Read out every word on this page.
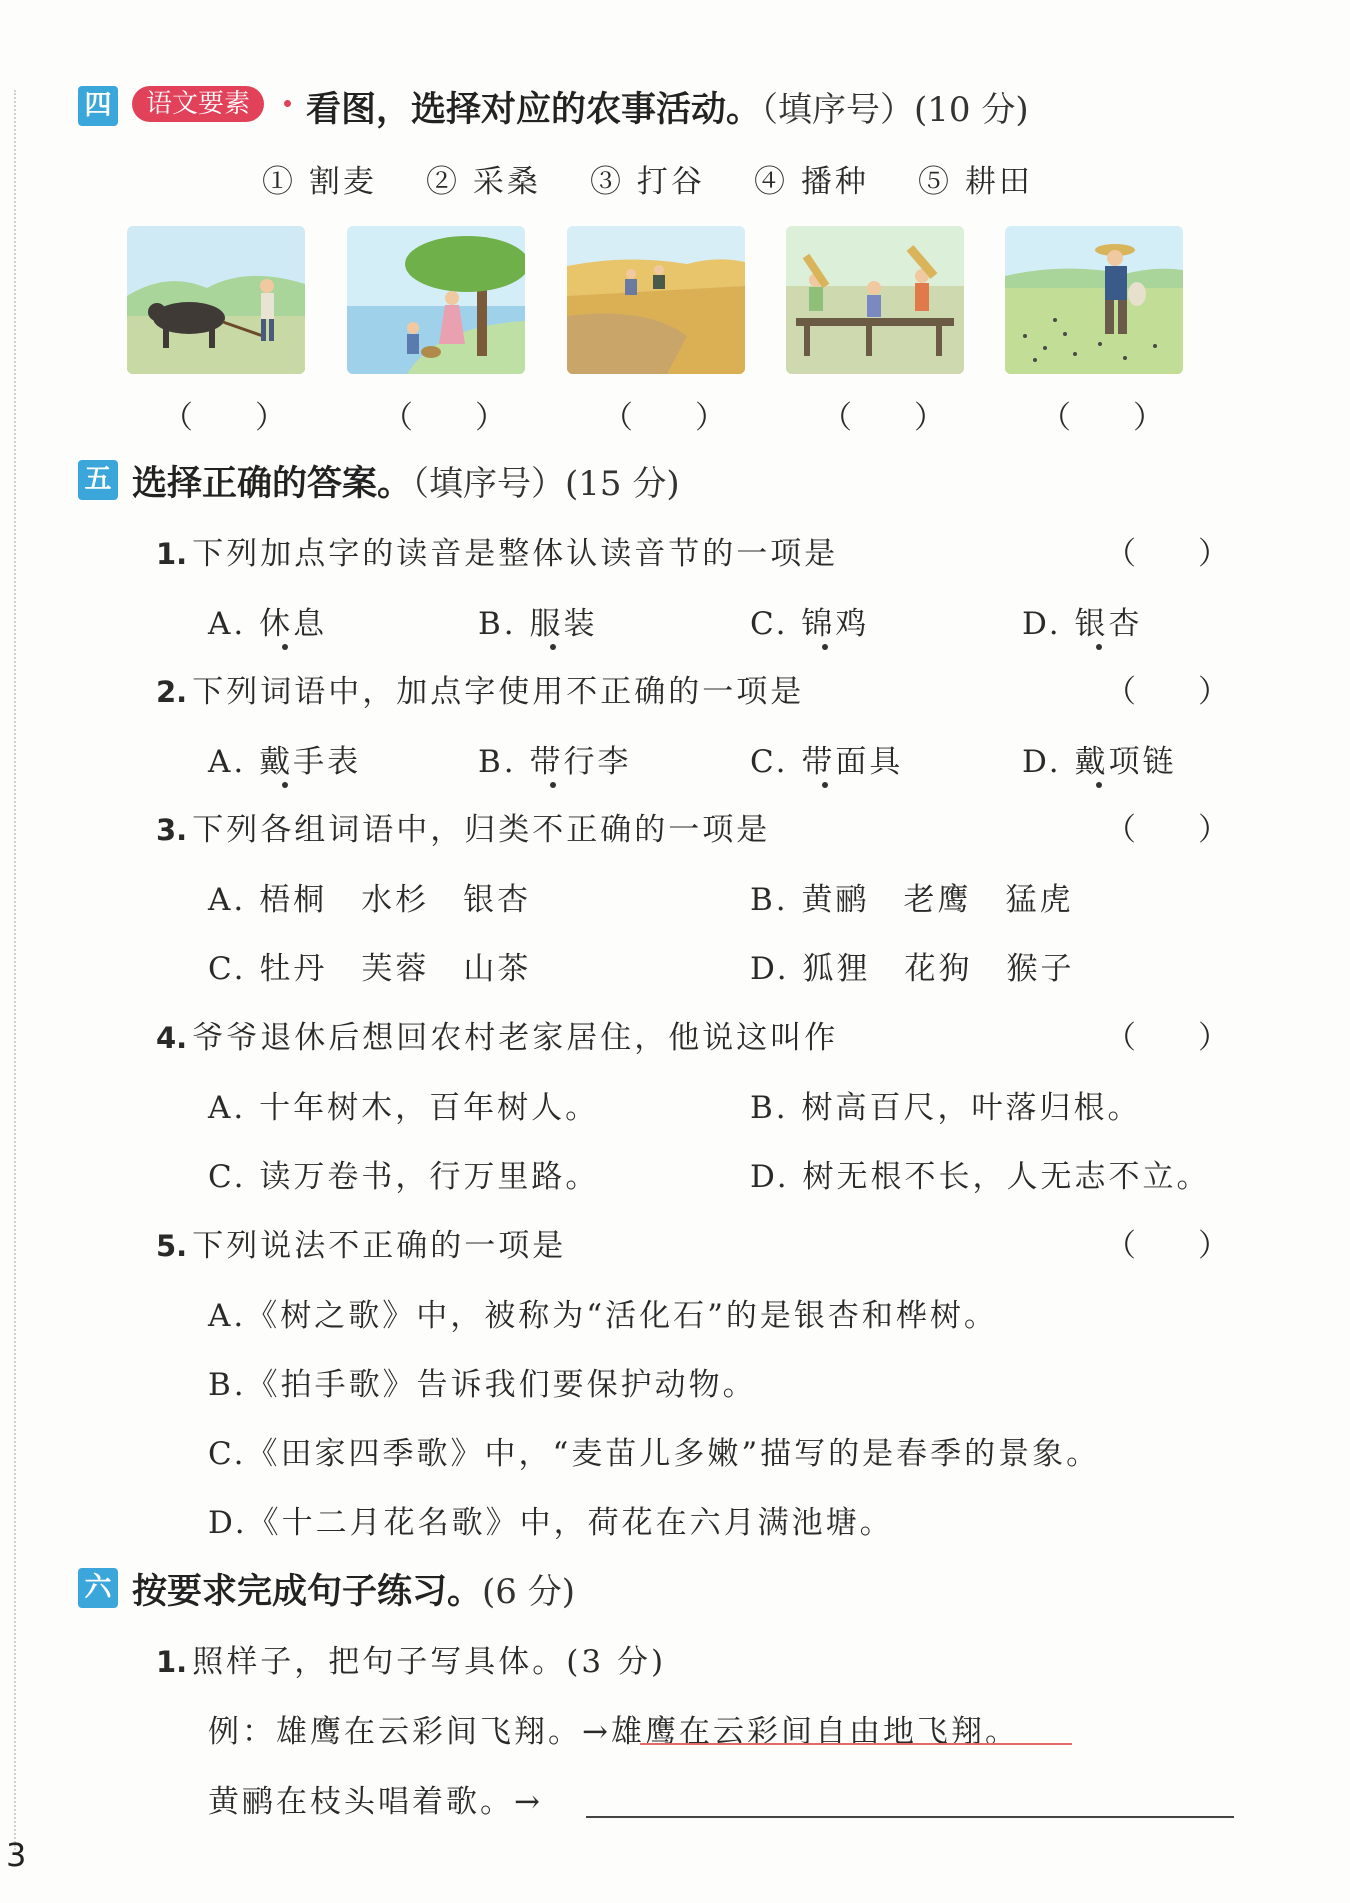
四	语文要素	看图，选择对应的农事活动。（填序号）(10 分)
① 割麦 ② 采桑 ③ 打谷 ④ 播种 ⑤ 耕田
（　　）	（　　）	（　　）	（　　）	（　　）
五 选择正确的答案。（填序号）(15 分)
1. 下列加点字的读音是整体认读音节的一项是	（　　）
A. 休息	B. 服装	C. 锦鸡	D. 银杏
2. 下列词语中，加点字使用不正确的一项是	（　　）
A. 戴手表	B. 带行李	C. 带面具	D. 戴项链
3. 下列各组词语中，归类不正确的一项是	（　　）
A. 梧桐　水杉　银杏	B. 黄鹂　老鹰　猛虎
C. 牡丹　芙蓉　山茶	D. 狐狸　花狗　猴子
4. 爷爷退休后想回农村老家居住，他说这叫作	（　　）
A. 十年树木，百年树人。	B. 树高百尺，叶落归根。
C. 读万卷书，行万里路。	D. 树无根不长，人无志不立。
5. 下列说法不正确的一项是	（　　）
A.《树之歌》中，被称为“活化石”的是银杏和桦树。
B.《拍手歌》告诉我们要保护动物。
C.《田家四季歌》中，“麦苗儿多嫩”描写的是春季的景象。
D.《十二月花名歌》中，荷花在六月满池塘。
六 按要求完成句子练习。(6 分)
1. 照样子，把句子写具体。(3 分)
例：雄鹰在云彩间飞翔。→雄鹰在云彩间自由地飞翔。
黄鹂在枝头唱着歌。→
3
